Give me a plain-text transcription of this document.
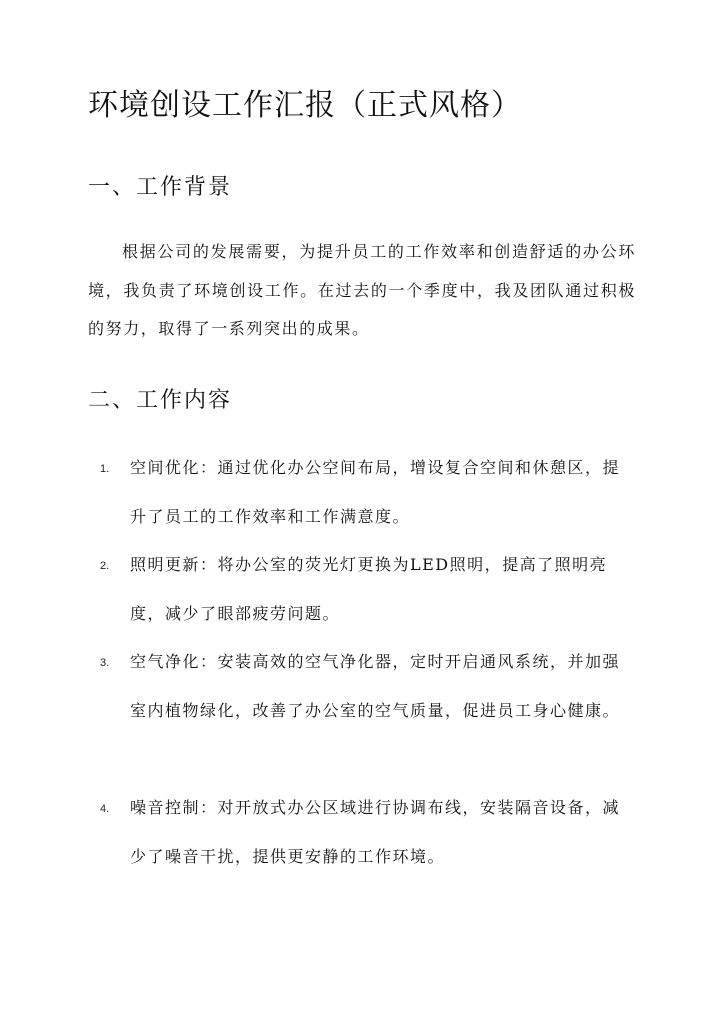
环境创设工作汇报（正式风格）
一、工作背景

根据公司的发展需要，为提升员工的工作效率和创造舒适的办公环境，我负责了环境创设工作。在过去的一个季度中，我及团队通过积极的努力，取得了一系列突出的成果。

二、工作内容
1. 空间优化：通过优化办公空间布局，增设复合空间和休憩区，提升了员工的工作效率和工作满意度。
2. 照明更新：将办公室的荧光灯更换为LED照明，提高了照明亮度，减少了眼部疲劳问题。
3. 空气净化：安装高效的空气净化器，定时开启通风系统，并加强室内植物绿化，改善了办公室的空气质量，促进员工身心健康。
4. 噪音控制：对开放式办公区域进行协调布线，安装隔音设备，减少了噪音干扰，提供更安静的工作环境。
